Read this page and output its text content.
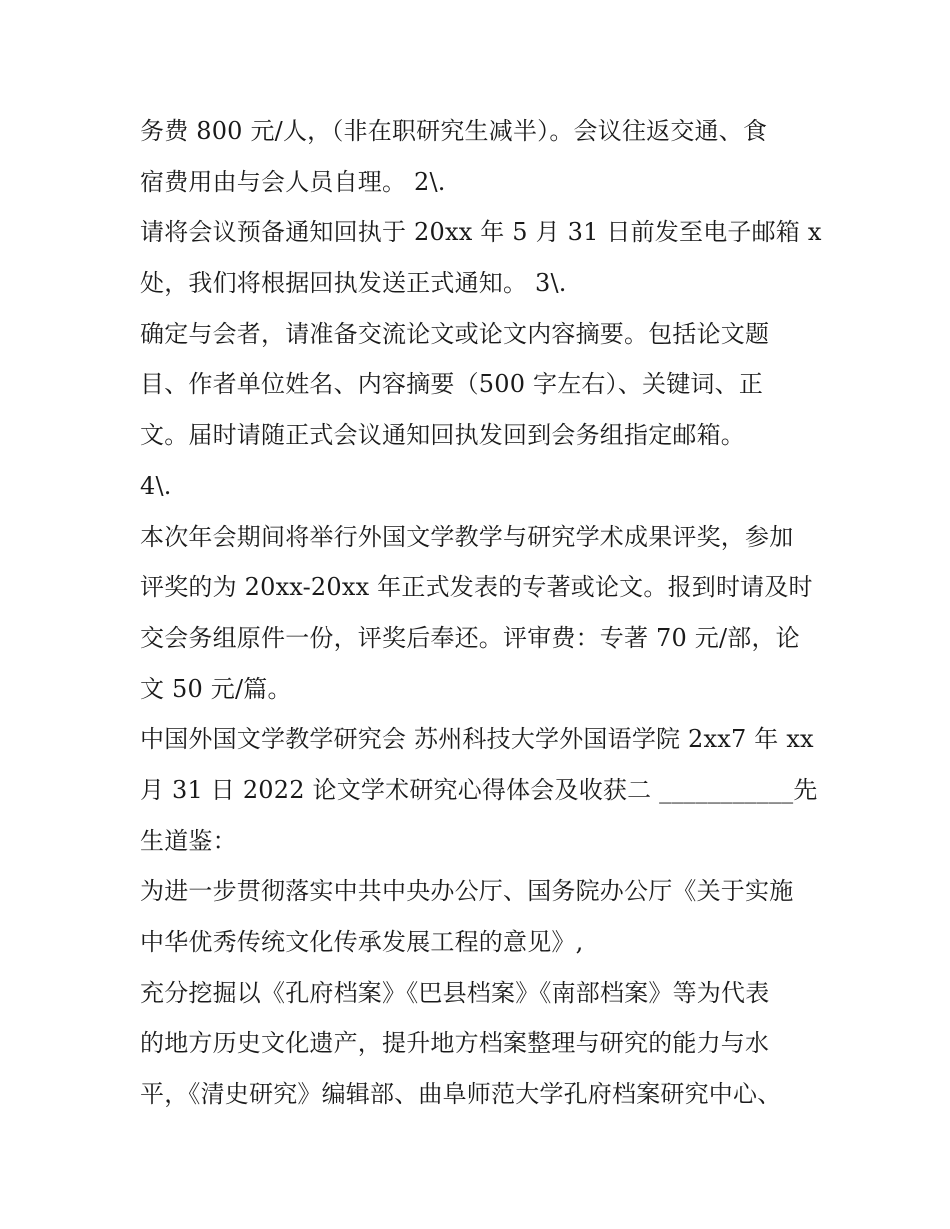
务费 800 元/人，（非在职研究生减半）。会议往返交通、食
宿费用由与会人员自理。 2\.
请将会议预备通知回执于 20xx 年 5 月 31 日前发至电子邮箱 x
处，我们将根据回执发送正式通知。 3\.
确定与会者，请准备交流论文或论文内容摘要。包括论文题
目、作者单位姓名、内容摘要（500 字左右）、关键词、正
文。届时请随正式会议通知回执发回到会务组指定邮箱。
4\.
本次年会期间将举行外国文学教学与研究学术成果评奖，参加
评奖的为 20xx-20xx 年正式发表的专著或论文。报到时请及时
交会务组原件一份，评奖后奉还。评审费：专著 70 元/部，论
文 50 元/篇。
中国外国文学教学研究会 苏州科技大学外国语学院 2xx7 年 xx
月 31 日 2022 论文学术研究心得体会及收获二 ___________先
生道鉴：
为进一步贯彻落实中共中央办公厅、国务院办公厅《关于实施
中华优秀传统文化传承发展工程的意见》,
充分挖掘以《孔府档案》《巴县档案》《南部档案》等为代表
的地方历史文化遗产，提升地方档案整理与研究的能力与水
平，《清史研究》编辑部、曲阜师范大学孔府档案研究中心、
